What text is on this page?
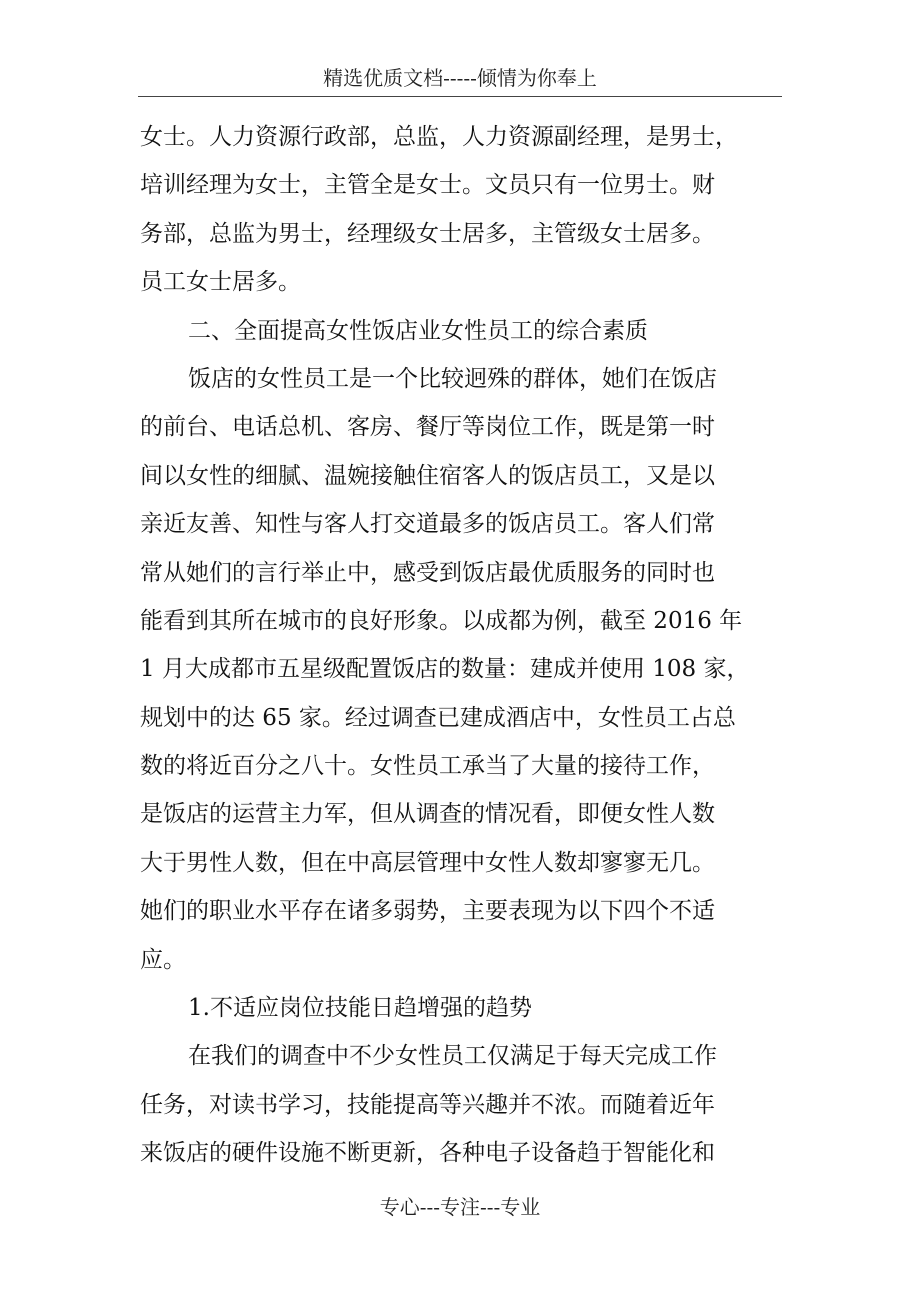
精选优质文档-----倾情为你奉上
女士。人力资源行政部，总监，人力资源副经理，是男士，
培训经理为女士，主管全是女士。文员只有一位男士。财
务部，总监为男士，经理级女士居多，主管级女士居多。
员工女士居多。
二、全面提高女性饭店业女性员工的综合素质
饭店的女性员工是一个比较迥殊的群体，她们在饭店
的前台、电话总机、客房、餐厅等岗位工作，既是第一时
间以女性的细腻、温婉接触住宿客人的饭店员工，又是以
亲近友善、知性与客人打交道最多的饭店员工。客人们常
常从她们的言行举止中，感受到饭店最优质服务的同时也
能看到其所在城市的良好形象。以成都为例，截至 2016 年
1 月大成都市五星级配置饭店的数量：建成并使用 108 家，
规划中的达 65 家。经过调查已建成酒店中，女性员工占总
数的将近百分之八十。女性员工承当了大量的接待工作，
是饭店的运营主力军，但从调查的情况看，即便女性人数
大于男性人数，但在中高层管理中女性人数却寥寥无几。
她们的职业水平存在诸多弱势，主要表现为以下四个不适
应。
1.不适应岗位技能日趋增强的趋势
在我们的调查中不少女性员工仅满足于每天完成工作
任务，对读书学习，技能提高等兴趣并不浓。而随着近年
来饭店的硬件设施不断更新，各种电子设备趋于智能化和
专心---专注---专业
